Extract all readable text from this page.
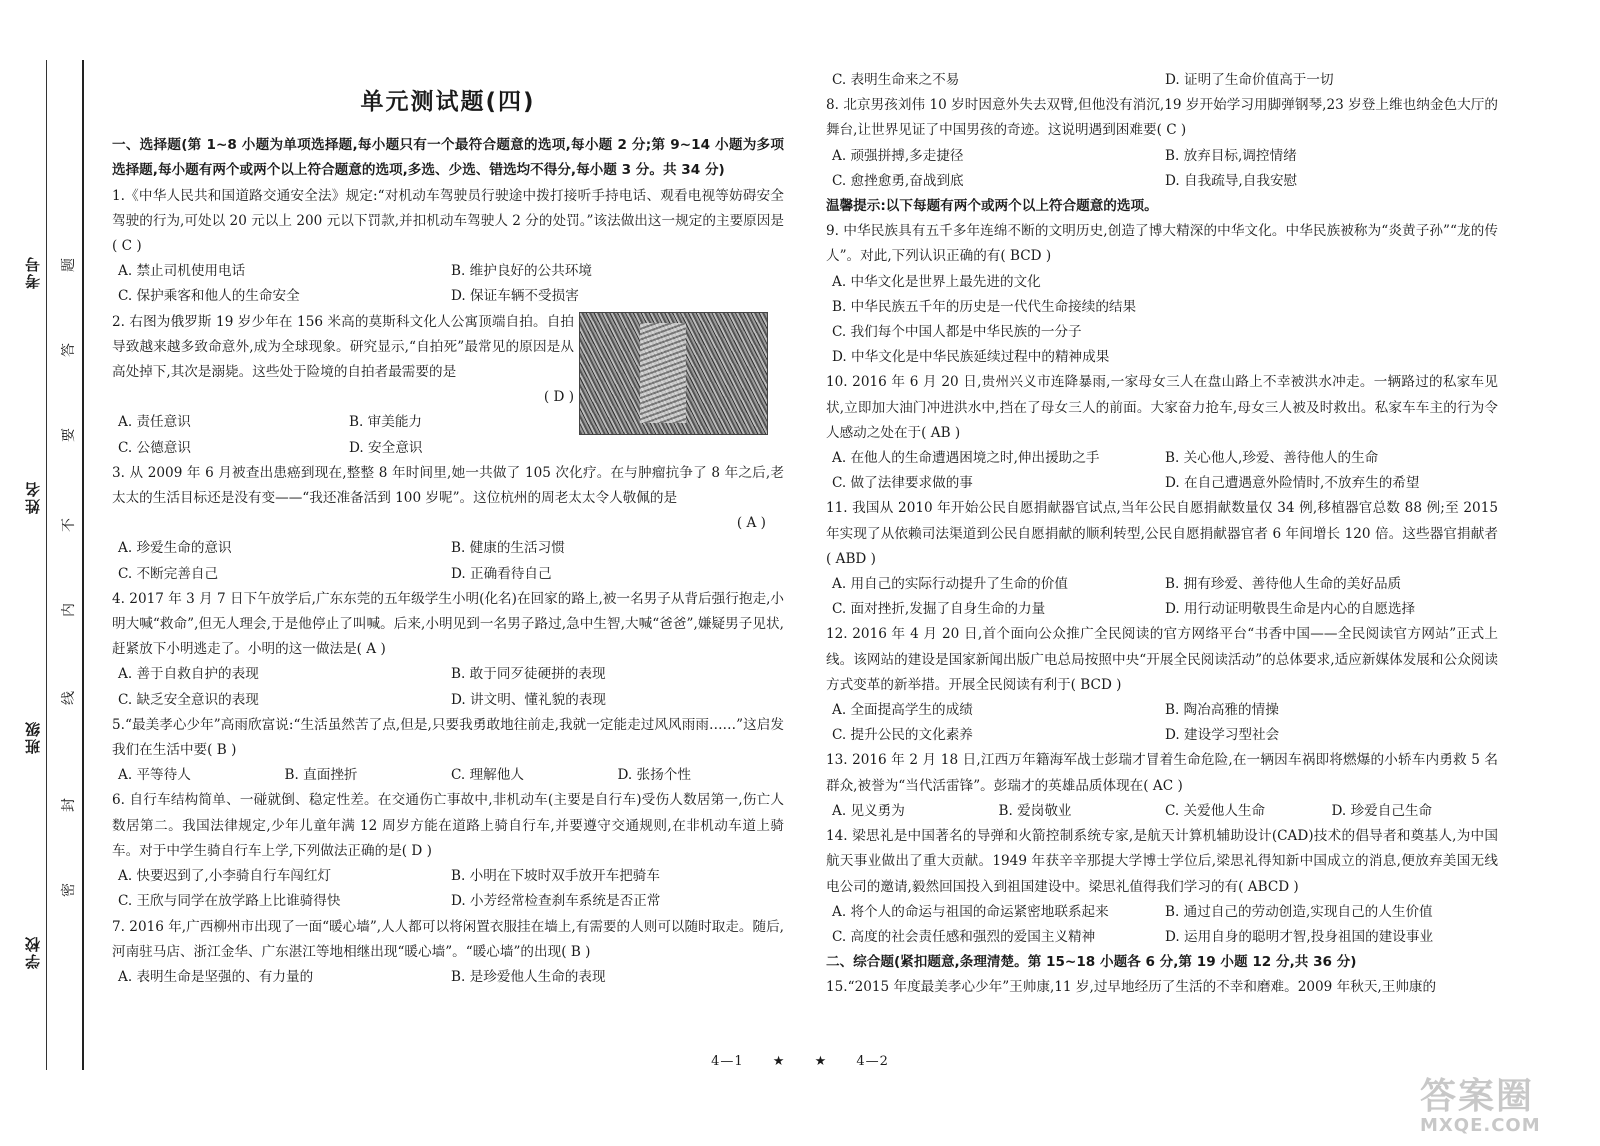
考号
姓名
班级
学校
题
答
要
不
内
线
封
密
单元测试题(四)

一、选择题(第 1~8 小题为单项选择题,每小题只有一个最符合题意的选项,每小题 2 分;第 9~14 小题为多项选择题,每小题有两个或两个以上符合题意的选项,多选、少选、错选均不得分,每小题 3 分。共 34 分)

1.《中华人民共和国道路交通安全法》规定:“对机动车驾驶员行驶途中拨打接听手持电话、观看电视等妨碍安全驾驶的行为,可处以 20 元以上 200 元以下罚款,并扣机动车驾驶人 2 分的处罚。”该法做出这一规定的主要原因是( C )

A. 禁止司机使用电话	B. 维护良好的公共环境
C. 保护乘客和他人的生命安全	D. 保证车辆不受损害

2. 右图为俄罗斯 19 岁少年在 156 米高的莫斯科文化人公寓顶端自拍。自拍导致越来越多致命意外,成为全球现象。研究显示,“自拍死”最常见的原因是从高处掉下,其次是溺毙。这些处于险境的自拍者最需要的是

( D )

A. 责任意识	B. 审美能力
C. 公德意识	D. 安全意识

3. 从 2009 年 6 月被查出患癌到现在,整整 8 年时间里,她一共做了 105 次化疗。在与肿瘤抗争了 8 年之后,老太太的生活目标还是没有变——“我还准备活到 100 岁呢”。这位杭州的周老太太令人敬佩的是

( A )

A. 珍爱生命的意识	B. 健康的生活习惯
C. 不断完善自己	D. 正确看待自己

4. 2017 年 3 月 7 日下午放学后,广东东莞的五年级学生小明(化名)在回家的路上,被一名男子从背后强行抱走,小明大喊“救命”,但无人理会,于是他停止了叫喊。后来,小明见到一名男子路过,急中生智,大喊“爸爸”,嫌疑男子见状,赶紧放下小明逃走了。小明的这一做法是( A )

A. 善于自救自护的表现	B. 敢于同歹徒硬拼的表现
C. 缺乏安全意识的表现	D. 讲文明、懂礼貌的表现

5.“最美孝心少年”高雨欣富说:“生活虽然苦了点,但是,只要我勇敢地往前走,我就一定能走过风风雨雨……”这启发我们在生活中要( B )

A. 平等待人	B. 直面挫折	C. 理解他人	D. 张扬个性

6. 自行车结构简单、一碰就倒、稳定性差。在交通伤亡事故中,非机动车(主要是自行车)受伤人数居第一,伤亡人数居第二。我国法律规定,少年儿童年满 12 周岁方能在道路上骑自行车,并要遵守交通规则,在非机动车道上骑车。对于中学生骑自行车上学,下列做法正确的是( D )

A. 快要迟到了,小李骑自行车闯红灯	B. 小明在下坡时双手放开车把骑车
C. 王欣与同学在放学路上比谁骑得快	D. 小芳经常检查刹车系统是否正常

7. 2016 年,广西柳州市出现了一面“暖心墙”,人人都可以将闲置衣服挂在墙上,有需要的人则可以随时取走。随后,河南驻马店、浙江金华、广东湛江等地相继出现“暖心墙”。“暖心墙”的出现( B )

A. 表明生命是坚强的、有力量的	B. 是珍爱他人生命的表现
C. 表明生命来之不易	D. 证明了生命价值高于一切

8. 北京男孩刘伟 10 岁时因意外失去双臂,但他没有消沉,19 岁开始学习用脚弹钢琴,23 岁登上维也纳金色大厅的舞台,让世界见证了中国男孩的奇迹。这说明遇到困难要( C )

A. 顽强拼搏,多走捷径	B. 放弃目标,调控情绪
C. 愈挫愈勇,奋战到底	D. 自我疏导,自我安慰

温馨提示:以下每题有两个或两个以上符合题意的选项。

9. 中华民族具有五千多年连绵不断的文明历史,创造了博大精深的中华文化。中华民族被称为“炎黄子孙”“龙的传人”。对此,下列认识正确的有( BCD )

A. 中华文化是世界上最先进的文化

B. 中华民族五千年的历史是一代代生命接续的结果

C. 我们每个中国人都是中华民族的一分子

D. 中华文化是中华民族延续过程中的精神成果

10. 2016 年 6 月 20 日,贵州兴义市连降暴雨,一家母女三人在盘山路上不幸被洪水冲走。一辆路过的私家车见状,立即加大油门冲进洪水中,挡在了母女三人的前面。大家奋力抢车,母女三人被及时救出。私家车车主的行为令人感动之处在于( AB )

A. 在他人的生命遭遇困境之时,伸出援助之手	B. 关心他人,珍爱、善待他人的生命
C. 做了法律要求做的事	D. 在自己遭遇意外险情时,不放弃生的希望

11. 我国从 2010 年开始公民自愿捐献器官试点,当年公民自愿捐献数量仅 34 例,移植器官总数 88 例;至 2015 年实现了从依赖司法渠道到公民自愿捐献的顺利转型,公民自愿捐献器官者 6 年间增长 120 倍。这些器官捐献者( ABD )

A. 用自己的实际行动提升了生命的价值	B. 拥有珍爱、善待他人生命的美好品质
C. 面对挫折,发掘了自身生命的力量	D. 用行动证明敬畏生命是内心的自愿选择

12. 2016 年 4 月 20 日,首个面向公众推广全民阅读的官方网络平台“书香中国——全民阅读官方网站”正式上线。该网站的建设是国家新闻出版广电总局按照中央“开展全民阅读活动”的总体要求,适应新媒体发展和公众阅读方式变革的新举措。开展全民阅读有利于( BCD )

A. 全面提高学生的成绩	B. 陶冶高雅的情操
C. 提升公民的文化素养	D. 建设学习型社会

13. 2016 年 2 月 18 日,江西万年籍海军战士彭瑞才冒着生命危险,在一辆因车祸即将燃爆的小轿车内勇救 5 名群众,被誉为“当代活雷锋”。彭瑞才的英雄品质体现在( AC )

A. 见义勇为	B. 爱岗敬业	C. 关爱他人生命	D. 珍爱自己生命

14. 梁思礼是中国著名的导弹和火箭控制系统专家,是航天计算机辅助设计(CAD)技术的倡导者和奠基人,为中国航天事业做出了重大贡献。1949 年获辛辛那提大学博士学位后,梁思礼得知新中国成立的消息,便放弃美国无线电公司的邀请,毅然回国投入到祖国建设中。梁思礼值得我们学习的有( ABCD )

A. 将个人的命运与祖国的命运紧密地联系起来	B. 通过自己的劳动创造,实现自己的人生价值
C. 高度的社会责任感和强烈的爱国主义精神	D. 运用自身的聪明才智,投身祖国的建设事业

二、综合题(紧扣题意,条理清楚。第 15~18 小题各 6 分,第 19 小题 12 分,共 36 分)

15.“2015 年度最美孝心少年”王帅康,11 岁,过早地经历了生活的不幸和磨难。2009 年秋天,王帅康的

4—1 ★ ★ 4—2
答案圈
MXQE.COM
